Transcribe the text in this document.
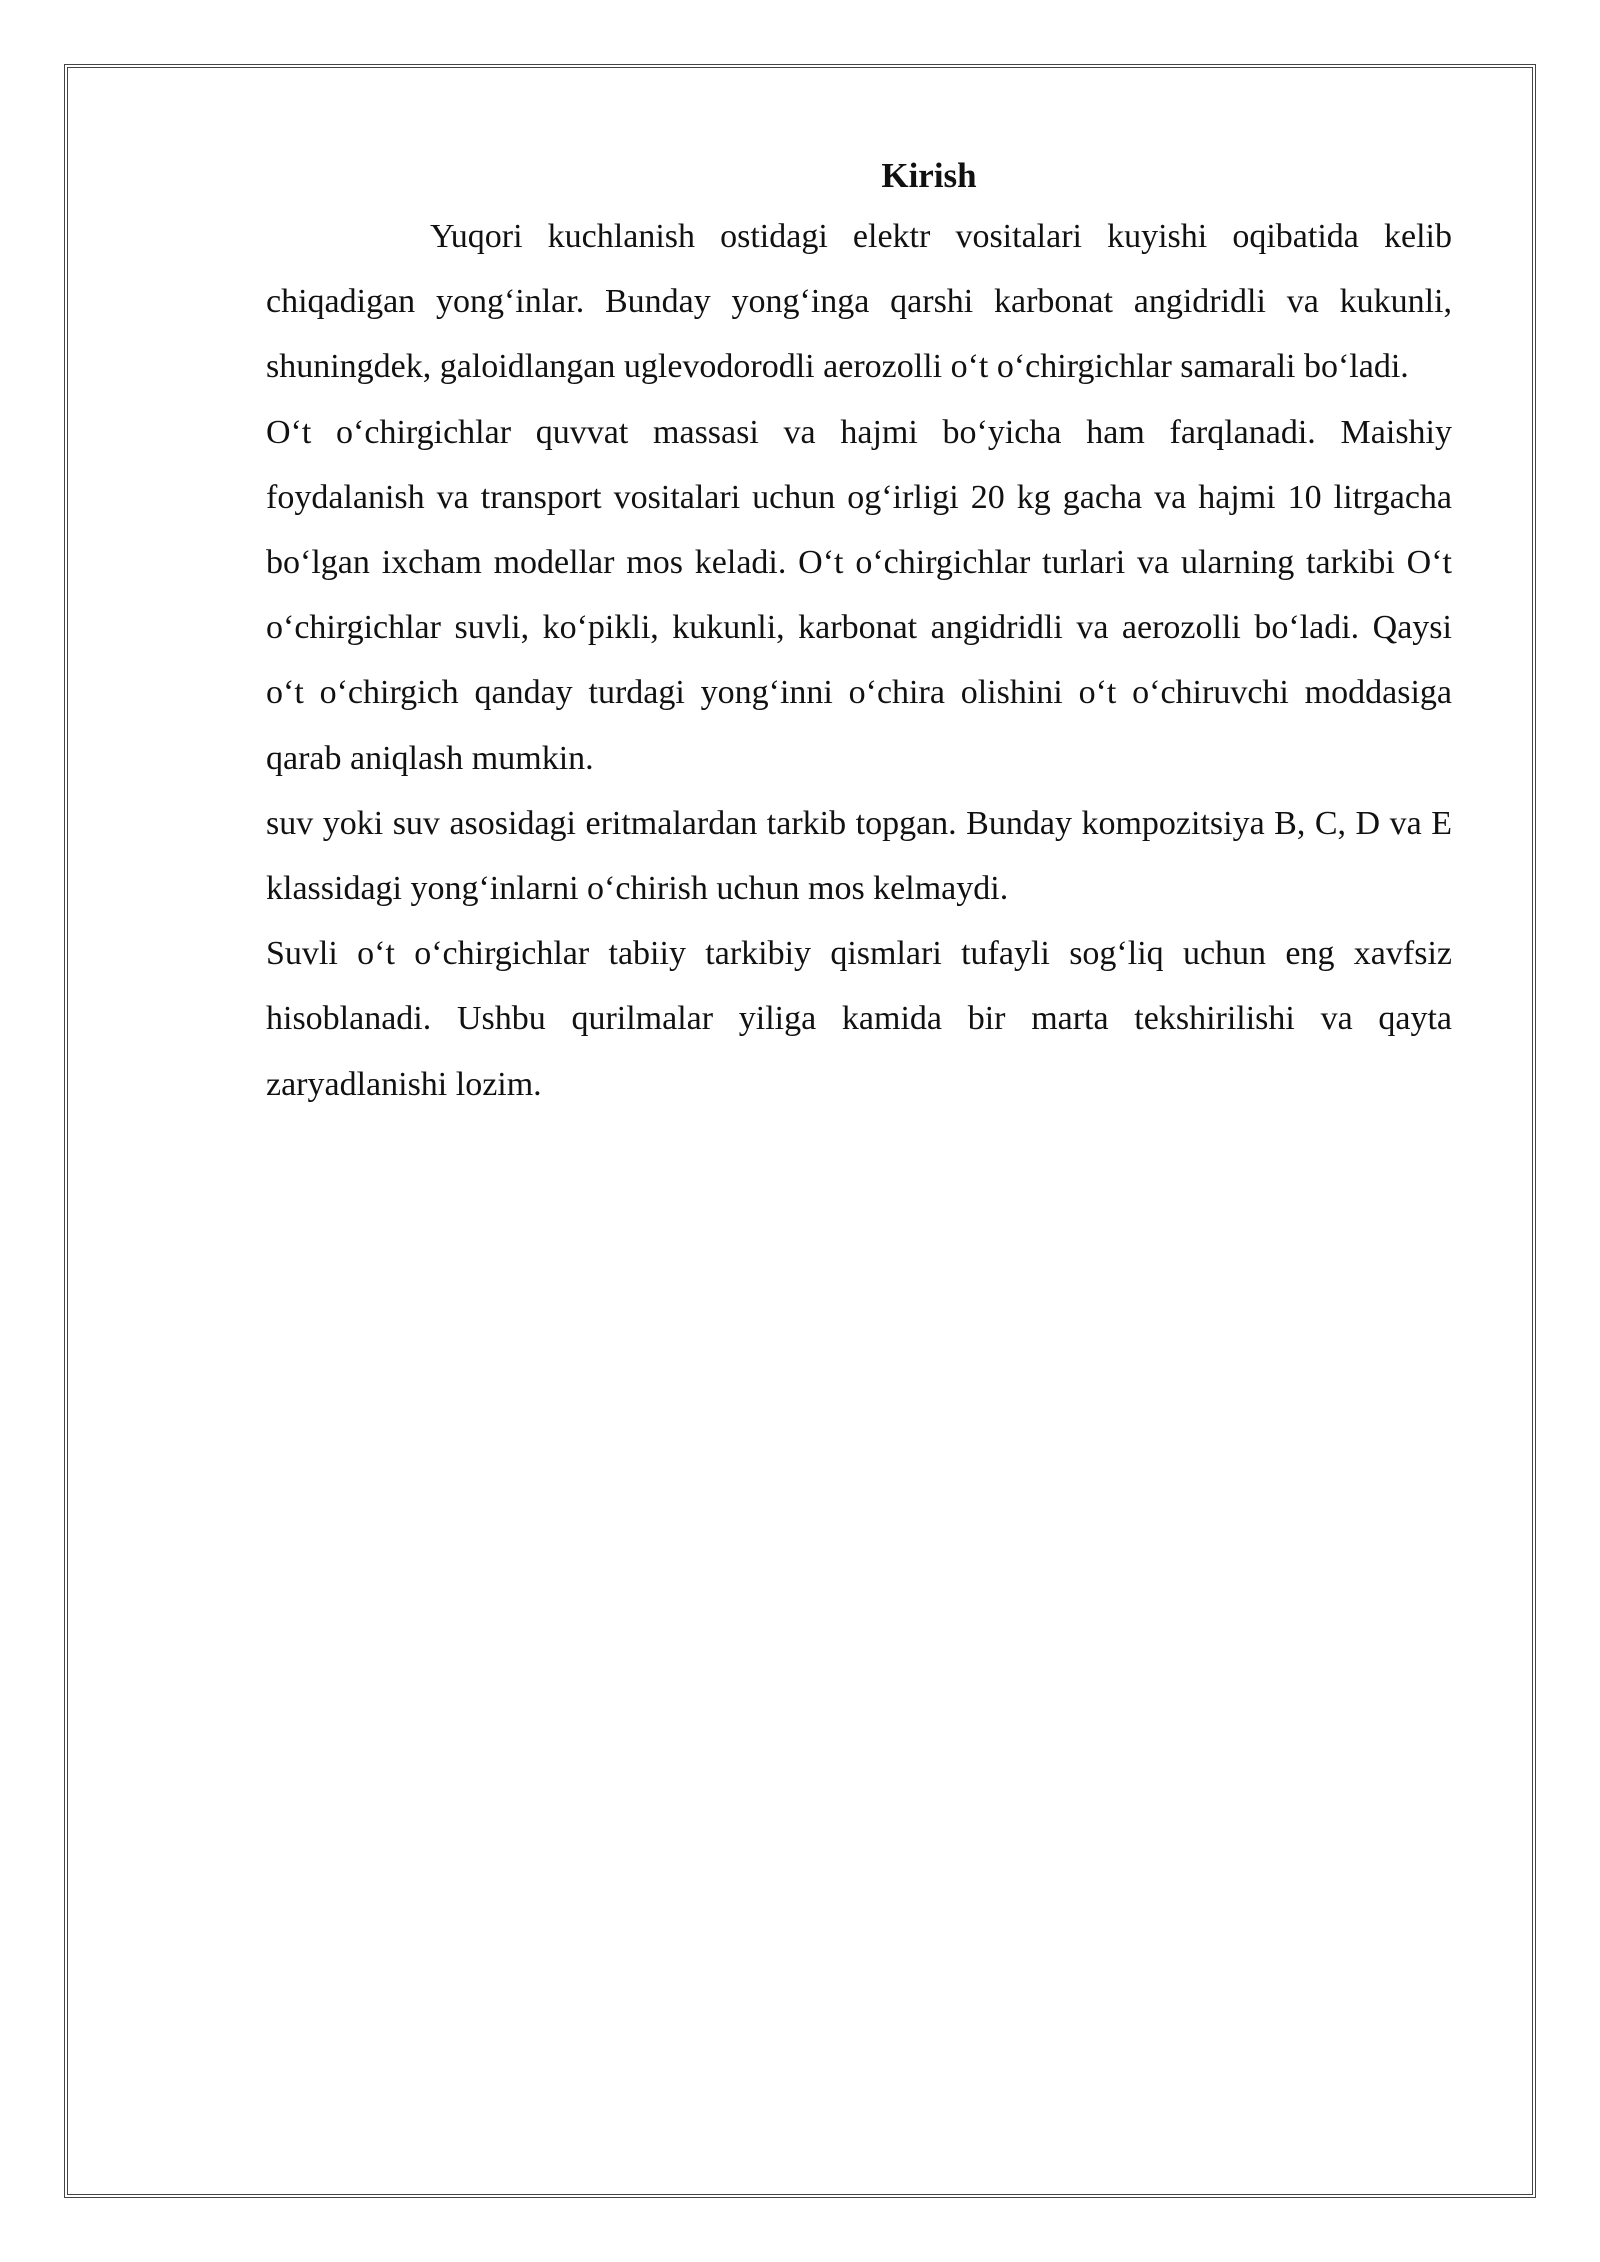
Kirish

Yuqori kuchlanish ostidagi elektr vositalari kuyishi oqibatida kelib chiqadigan yong‘inlar. Bunday yong‘inga qarshi karbonat angidridli va kukunli, shuningdek, galoidlangan uglevodorodli aerozolli o‘t o‘chirgichlar samarali bo‘ladi.

O‘t o‘chirgichlar quvvat massasi va hajmi bo‘yicha ham farqlanadi. Maishiy foydalanish va transport vositalari uchun og‘irligi 20 kg gacha va hajmi 10 litrgacha bo‘lgan ixcham modellar mos keladi. O‘t o‘chirgichlar turlari va ularning tarkibi O‘t o‘chirgichlar suvli, ko‘pikli, kukunli, karbonat angidridli va aerozolli bo‘ladi. Qaysi o‘t o‘chirgich qanday turdagi yong‘inni o‘chira olishini o‘t o‘chiruvchi moddasiga qarab aniqlash mumkin.

suv yoki suv asosidagi eritmalardan tarkib topgan. Bunday kompozitsiya B, C, D va E klassidagi yong‘inlarni o‘chirish uchun mos kelmaydi.

Suvli o‘t o‘chirgichlar tabiiy tarkibiy qismlari tufayli sog‘liq uchun eng xavfsiz hisoblanadi. Ushbu qurilmalar yiliga kamida bir marta tekshirilishi va qayta zaryadlanishi lozim.
